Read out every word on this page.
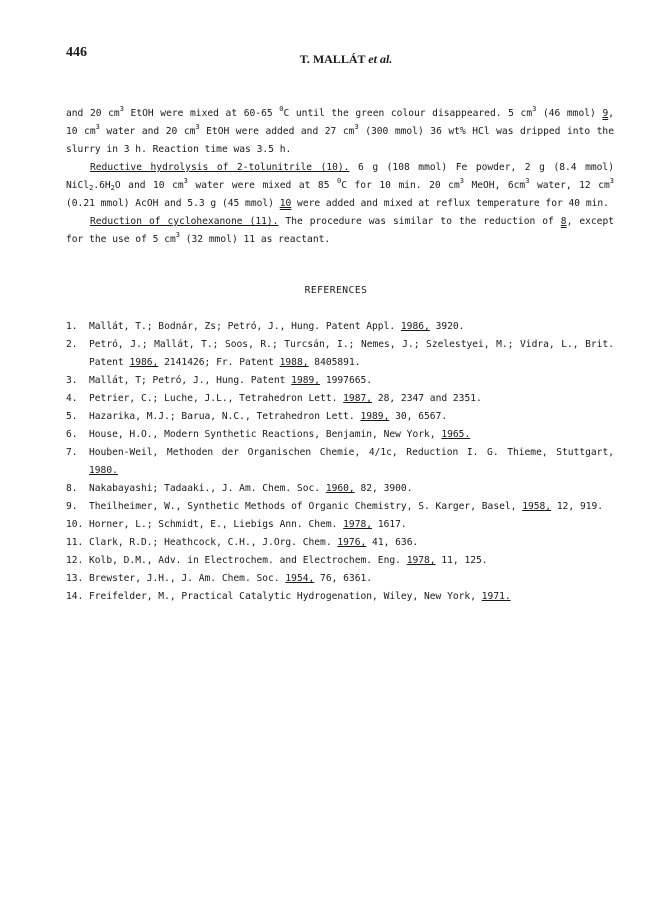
446	T. MALLÁT et al.

and 20 $cm^3$ EtOH were mixed at 60-65 $^0$C until the green colour disappeared. 5 $cm^3$ (46 mmol) 9, 10 $cm^3$ water and 20 $cm^3$ EtOH were added and 27 $cm^3$ (300 mmol) 36 wt% HCl was dripped into the slurry in 3 h. Reaction time was 3.5 h.

Reductive hydrolysis of 2-tolunitrile (10). 6 g (108 mmol) Fe powder, 2 g (8.4 mmol) $NiCl_2.6H_2O$ and 10 $cm^3$ water were mixed at 85 $^0$C for 10 min. 20 $cm^3$ MeOH, $6cm^3$ water, 12 $cm^3$ (0.21 mmol) AcOH and 5.3 g (45 mmol) 10 were added and mixed at reflux temperature for 40 min.

Reduction of cyclohexanone (11). The procedure was similar to the reduction of 8, except for the use of 5 $cm^3$ (32 mmol) 11 as reactant.

REFERENCES
1.	Mallát, T.; Bodnár, Zs; Petró, J., Hung. Patent Appl. 1986, 3920.
2.	Petró, J.; Mallát, T.; Soos, R.; Turcsán, I.; Nemes, J.; Szelestyei, M.; Vidra, L., Brit. Patent 1986, 2141426; Fr. Patent 1988, 8405891.
3.	Mallát, T; Petró, J., Hung. Patent 1989, 1997665.
4.	Petrier, C.; Luche, J.L., Tetrahedron Lett. 1987, 28, 2347 and 2351.
5.	Hazarika, M.J.; Barua, N.C., Tetrahedron Lett. 1989, 30, 6567.
6.	House, H.O., Modern Synthetic Reactions, Benjamin, New York, 1965.
7.	Houben-Weil, Methoden der Organischen Chemie, 4/1c, Reduction I. G. Thieme, Stuttgart, 1980.
8.	Nakabayashi; Tadaaki., J. Am. Chem. Soc. 1960, 82, 3900.
9.	Theilheimer, W., Synthetic Methods of Organic Chemistry, S. Karger, Basel, 1958, 12, 919.
10. Horner, L.; Schmidt, E., Liebigs Ann. Chem. 1978, 1617.
11. Clark, R.D.; Heathcock, C.H., J.Org. Chem. 1976, 41, 636.
12. Kolb, D.M., Adv. in Electrochem. and Electrochem. Eng. 1978, 11, 125.
13. Brewster, J.H., J. Am. Chem. Soc. 1954, 76, 6361.
14. Freifelder, M., Practical Catalytic Hydrogenation, Wiley, New York, 1971.
